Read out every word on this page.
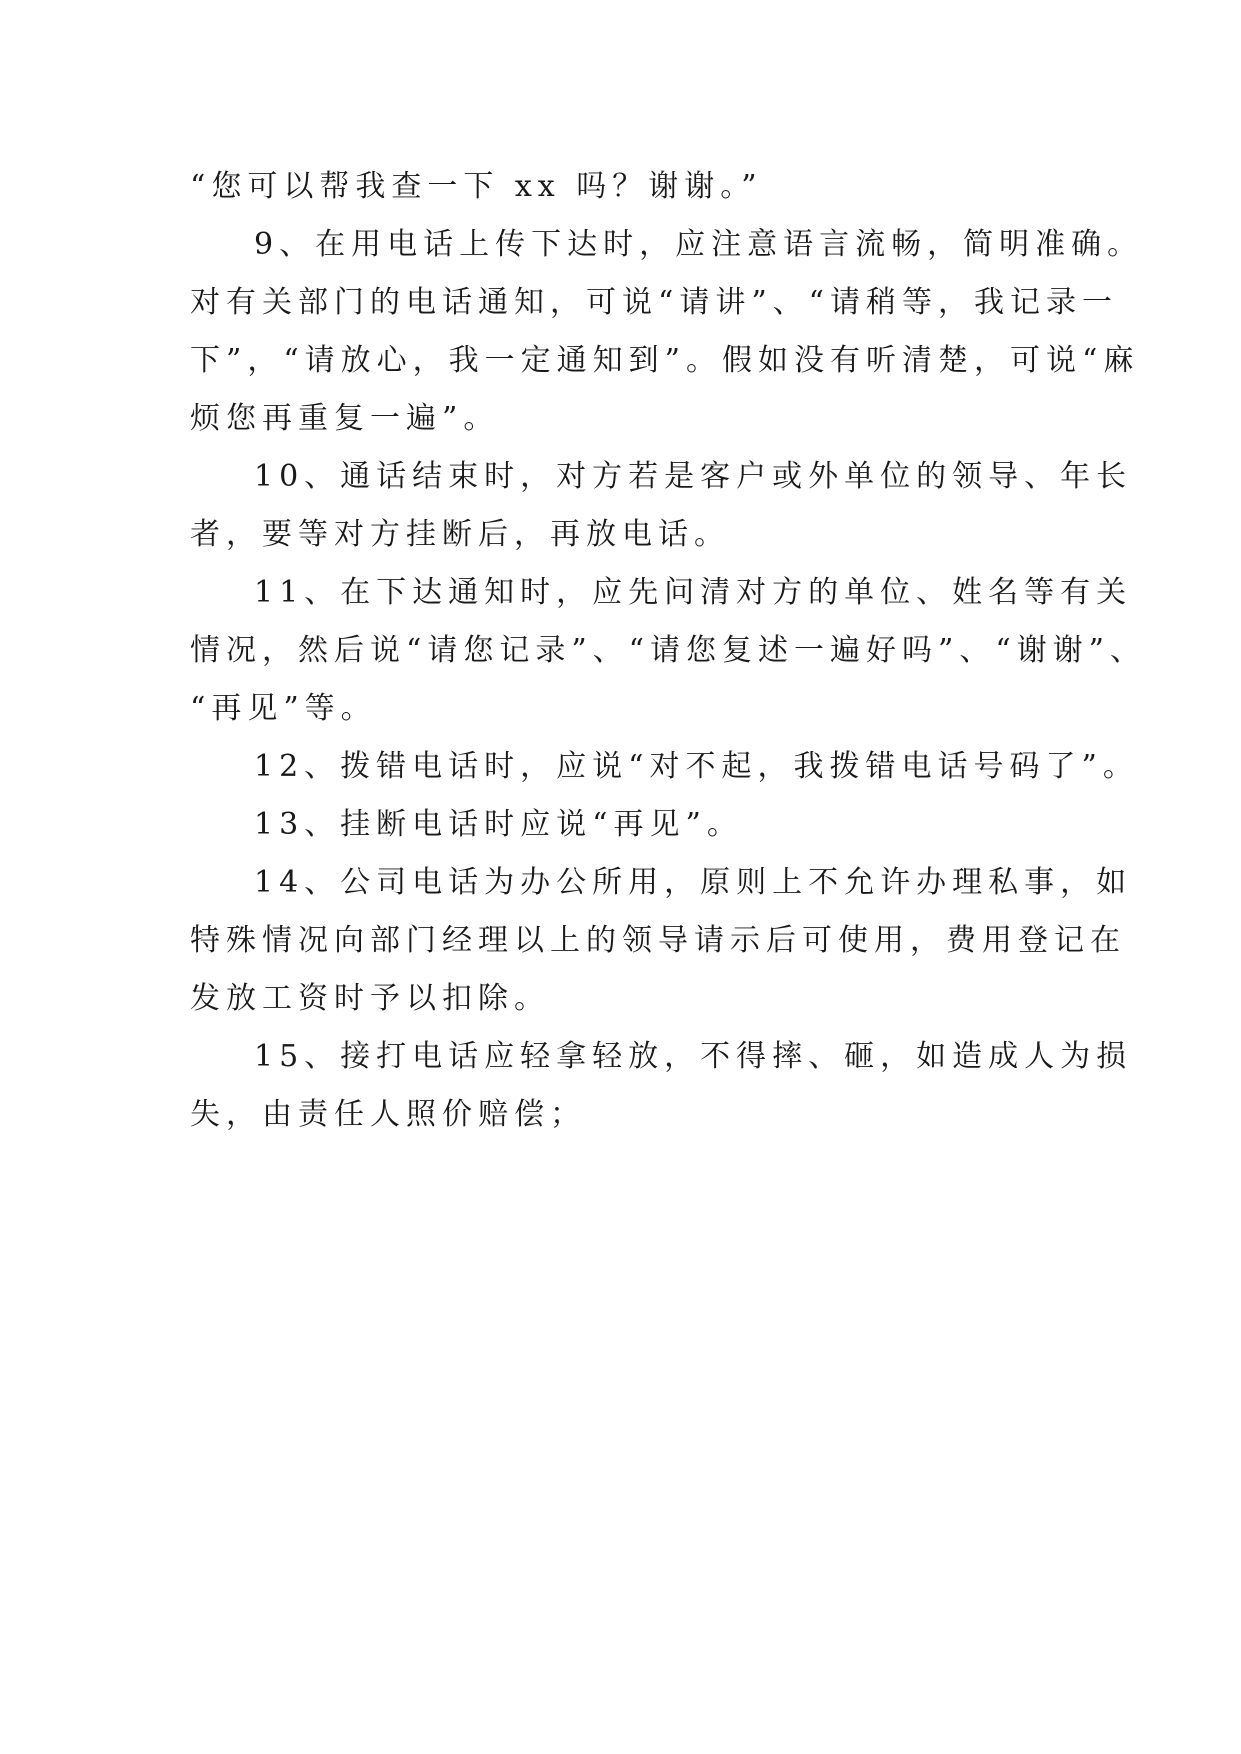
“您可以帮我查一下 xx 吗？谢谢。”
9、在用电话上传下达时，应注意语言流畅，简明准确。
对有关部门的电话通知，可说“请讲”、“请稍等，我记录一
下”，“请放心，我一定通知到”。假如没有听清楚，可说“麻
烦您再重复一遍”。
10、通话结束时，对方若是客户或外单位的领导、年长
者，要等对方挂断后，再放电话。
11、在下达通知时，应先问清对方的单位、姓名等有关
情况，然后说“请您记录”、“请您复述一遍好吗”、“谢谢”、
“再见”等。
12、拨错电话时，应说“对不起，我拨错电话号码了”。
13、挂断电话时应说“再见”。
14、公司电话为办公所用，原则上不允许办理私事，如
特殊情况向部门经理以上的领导请示后可使用，费用登记在
发放工资时予以扣除。
15、接打电话应轻拿轻放，不得摔、砸，如造成人为损
失，由责任人照价赔偿；
